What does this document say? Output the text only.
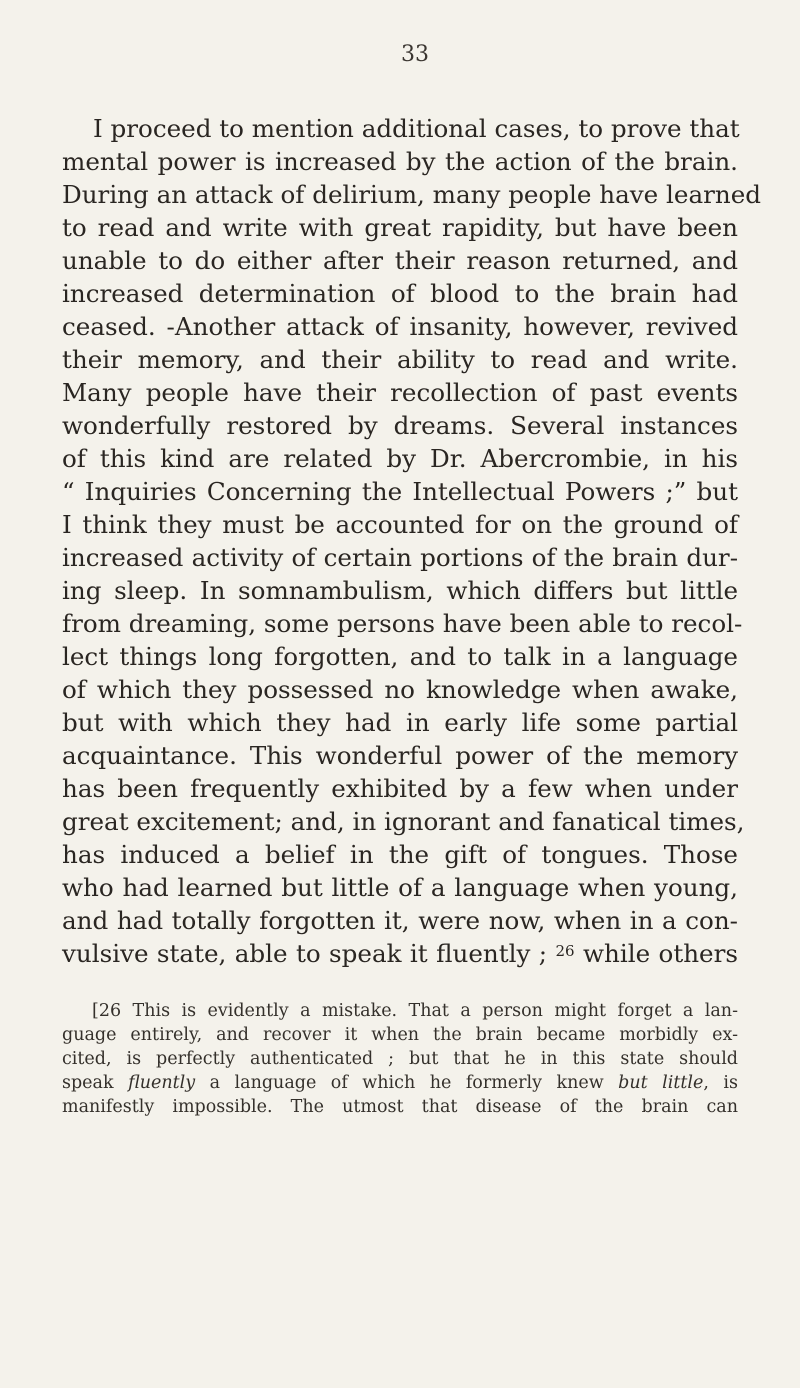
33
I proceed to mention additional cases, to prove that
mental power is increased by the action of the brain.
During an attack of delirium, many people have learned
to read and write with great rapidity, but have been
unable to do either after their reason returned, and
increased determination of blood to the brain had
ceased. -Another attack of insanity, however, revived
their memory, and their ability to read and write.
Many people have their recollection of past events
wonderfully restored by dreams. Several instances
of this kind are related by Dr. Abercrombie, in his
“ Inquiries Concerning the Intellectual Powers ;” but
I think they must be accounted for on the ground of
increased activity of certain portions of the brain dur-
ing sleep. In somnambulism, which differs but little
from dreaming, some persons have been able to recol-
lect things long forgotten, and to talk in a language
of which they possessed no knowledge when awake,
but with which they had in early life some partial
acquaintance. This wonderful power of the memory
has been frequently exhibited by a few when under
great excitement; and, in ignorant and fanatical times,
has induced a belief in the gift of tongues. Those
who had learned but little of a language when young,
and had totally forgotten it, were now, when in a con-
vulsive state, able to speak it fluently ; $^{26}$ while others
[26 This is evidently a mistake. That a person might forget a lan-
guage entirely, and recover it when the brain became morbidly ex-
cited, is perfectly authenticated ; but that he in this state should
speak fluently a language of which he formerly knew but little, is
manifestly impossible. The utmost that disease of the brain can
